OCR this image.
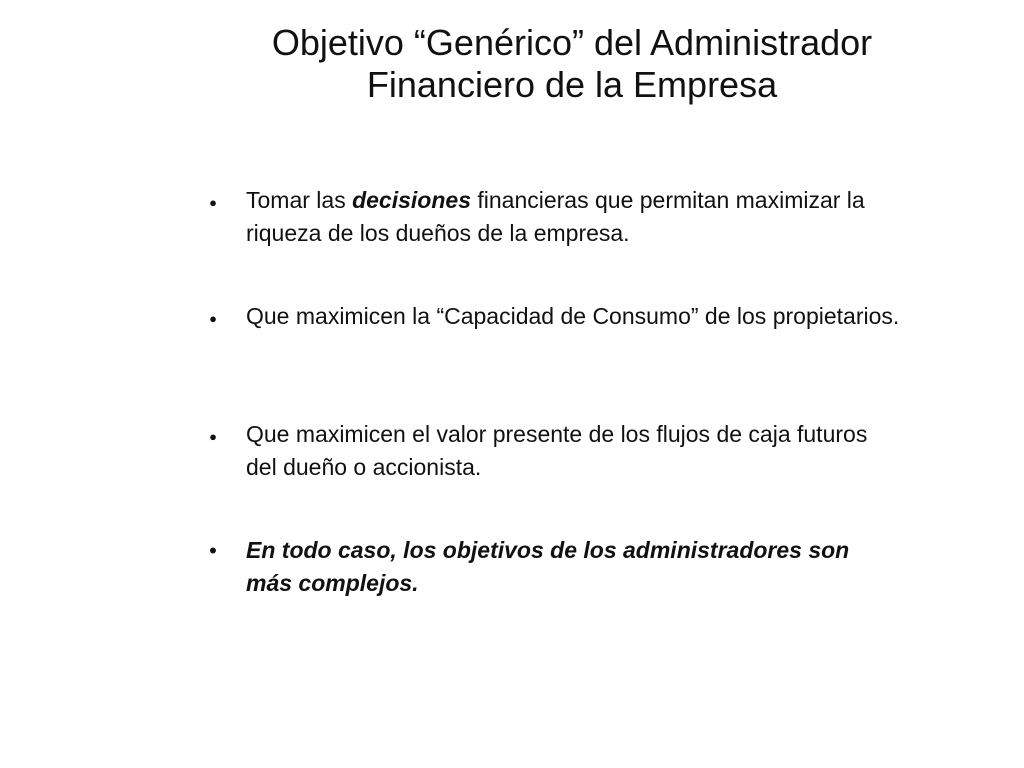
Objetivo “Genérico” del Administrador
Financiero de la Empresa
●	Tomar las decisiones financieras que permitan maximizar la riqueza de los dueños de la empresa.
●	Que maximicen la “Capacidad de Consumo” de los propietarios.
●	Que maximicen el valor presente de los flujos de caja futuros del dueño o accionista.
•	En todo caso, los objetivos de los administradores son más complejos.
